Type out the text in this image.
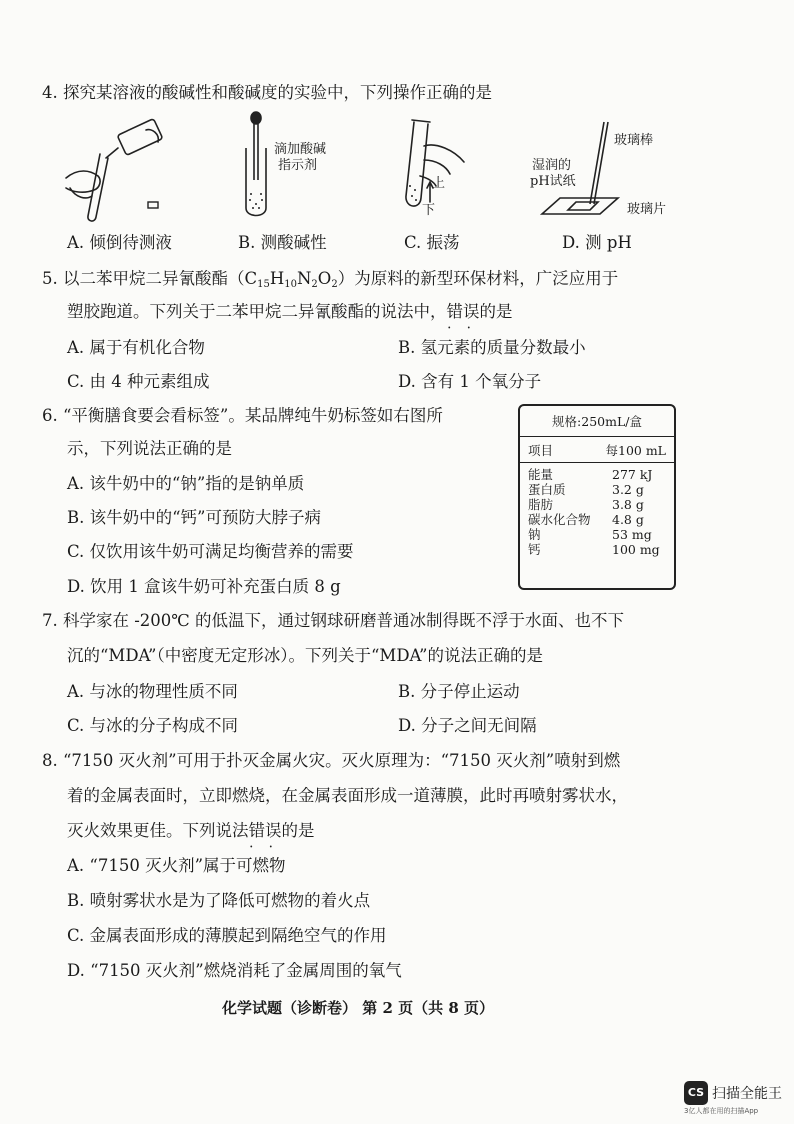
4. 探究某溶液的酸碱性和酸碱度的实验中，下列操作正确的是
滴加酸碱
指示剂
上
下
玻璃棒
湿润的
pH试纸
玻璃片
A. 倾倒待测液	B. 测酸碱性	C. 振荡	D. 测 pH
5. 以二苯甲烷二异氰酸酯$(C_{15}H_{10}N_2O_2)$为原料的新型环保材料，广泛应用于
塑胶跑道。下列关于二苯甲烷二异氰酸酯的说法中，错误 • •的是
A. 属于有机化合物	B. 氢元素的质量分数最小
C. 由 4 种元素组成	D. 含有 1 个氧分子
6. “平衡膳食要会看标签”。某品牌纯牛奶标签如右图所
示，下列说法正确的是
A. 该牛奶中的“钠”指的是钠单质
B. 该牛奶中的“钙”可预防大脖子病
C. 仅饮用该牛奶可满足均衡营养的需要
D. 饮用 1 盒该牛奶可补充蛋白质 8 g
规格:250mL/盒
项目	每100 mL
能量	277 kJ
蛋白质	3.2 g
脂肪	3.8 g
碳水化合物 4.8 g
钠	53 mg
钙	100 mg
7. 科学家在 -200℃ 的低温下，通过钢球研磨普通冰制得既不浮于水面、也不下
沉的“MDA”（中密度无定形冰）。下列关于“MDA”的说法正确的是
A. 与冰的物理性质不同	B. 分子停止运动
C. 与冰的分子构成不同	D. 分子之间无间隔
8. “7150 灭火剂”可用于扑灭金属火灾。灭火原理为：“7150 灭火剂”喷射到燃
着的金属表面时，立即燃烧，在金属表面形成一道薄膜，此时再喷射雾状水，
灭火效果更佳。下列说法错误 • •的是
A. “7150 灭火剂”属于可燃物
B. 喷射雾状水是为了降低可燃物的着火点
C. 金属表面形成的薄膜起到隔绝空气的作用
D. “7150 灭火剂”燃烧消耗了金属周围的氧气
化学试题（诊断卷） 第 2 页（共 8 页）
CS 扫描全能王
3亿人都在用的扫描App
